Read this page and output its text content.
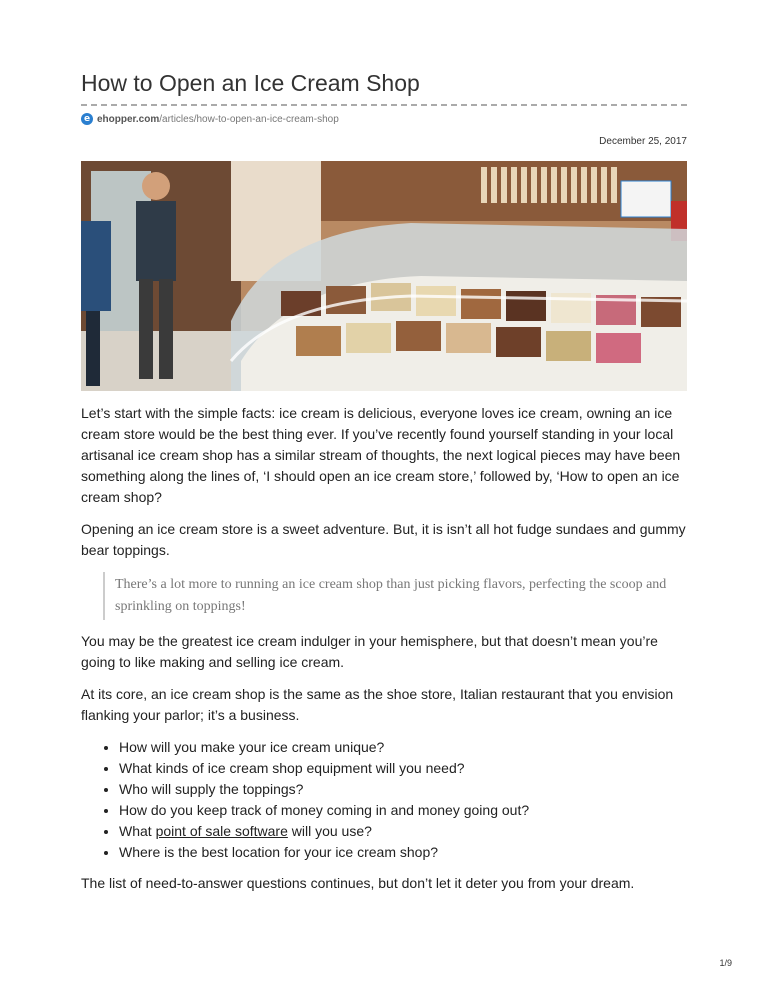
How to Open an Ice Cream Shop
e ehopper.com /articles/how-to-open-an-ice-cream-shop
December 25, 2017

Let’s start with the simple facts: ice cream is delicious, everyone loves ice cream, owning an ice cream store would be the best thing ever. If you’ve recently found yourself standing in your local artisanal ice cream shop has a similar stream of thoughts, the next logical pieces may have been something along the lines of, ‘I should open an ice cream store,’ followed by, ‘How to open an ice cream shop?

Opening an ice cream store is a sweet adventure. But, it is isn’t all hot fudge sundaes and gummy bear toppings.

There’s a lot more to running an ice cream shop than just picking flavors, perfecting the scoop and sprinkling on toppings!

You may be the greatest ice cream indulger in your hemisphere, but that doesn’t mean you’re going to like making and selling ice cream.

At its core, an ice cream shop is the same as the shoe store, Italian restaurant that you envision flanking your parlor; it’s a business.

• How will you make your ice cream unique?
• What kinds of ice cream shop equipment will you need?
• Who will supply the toppings?
• How do you keep track of money coming in and money going out?
• What point of sale software will you use?
• Where is the best location for your ice cream shop?

The list of need-to-answer questions continues, but don’t let it deter you from your dream.

1/9
